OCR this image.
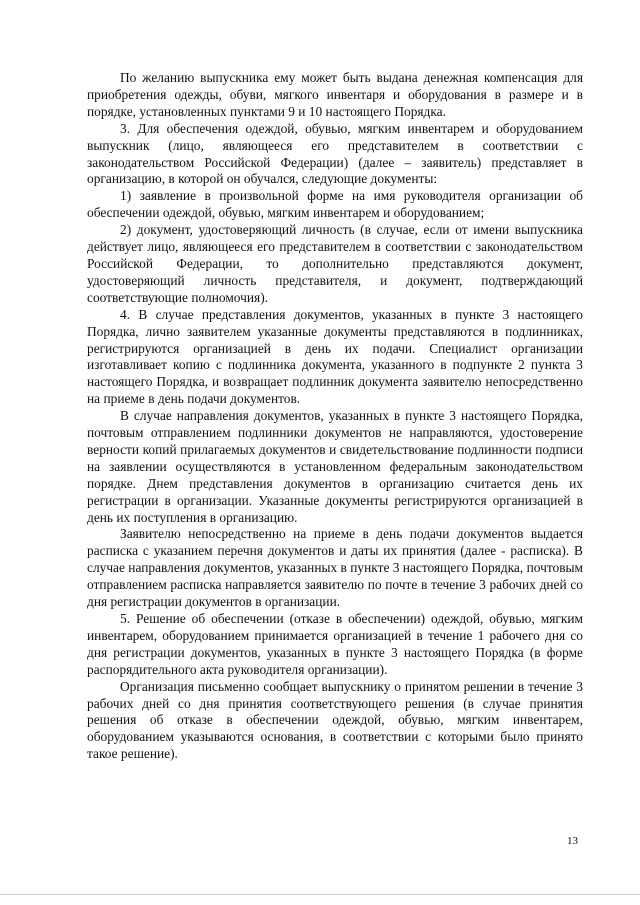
По желанию выпускника ему может быть выдана денежная компенсация для приобретения одежды, обуви, мягкого инвентаря и оборудования в размере и в порядке, установленных пунктами 9 и 10 настоящего Порядка.

3. Для обеспечения одеждой, обувью, мягким инвентарем и оборудованием выпускник (лицо, являющееся его представителем в соответствии с законодательством Российской Федерации) (далее – заявитель) представляет в организацию, в которой он обучался, следующие документы:

1) заявление в произвольной форме на имя руководителя организации об обеспечении одеждой, обувью, мягким инвентарем и оборудованием;

2) документ, удостоверяющий личность (в случае, если от имени выпускника действует лицо, являющееся его представителем в соответствии с законодательством Российской Федерации, то дополнительно представляются документ, удостоверяющий личность представителя, и документ, подтверждающий соответствующие полномочия).

4. В случае представления документов, указанных в пункте 3 настоящего Порядка, лично заявителем указанные документы представляются в подлинниках, регистрируются организацией в день их подачи. Специалист организации изготавливает копию с подлинника документа, указанного в подпункте 2 пункта 3 настоящего Порядка, и возвращает подлинник документа заявителю непосредственно на приеме в день подачи документов.

В случае направления документов, указанных в пункте 3 настоящего Порядка, почтовым отправлением подлинники документов не направляются, удостоверение верности копий прилагаемых документов и свидетельствование подлинности подписи на заявлении осуществляются в установленном федеральным законодательством порядке. Днем представления документов в организацию считается день их регистрации в организации. Указанные документы регистрируются организацией в день их поступления в организацию.

Заявителю непосредственно на приеме в день подачи документов выдается расписка с указанием перечня документов и даты их принятия (далее - расписка). В случае направления документов, указанных в пункте 3 настоящего Порядка, почтовым отправлением расписка направляется заявителю по почте в течение 3 рабочих дней со дня регистрации документов в организации.

5. Решение об обеспечении (отказе в обеспечении) одеждой, обувью, мягким инвентарем, оборудованием принимается организацией в течение 1 рабочего дня со дня регистрации документов, указанных в пункте 3 настоящего Порядка (в форме распорядительного акта руководителя организации).

Организация письменно сообщает выпускнику о принятом решении в течение 3 рабочих дней со дня принятия соответствующего решения (в случае принятия решения об отказе в обеспечении одеждой, обувью, мягким инвентарем, оборудованием указываются основания, в соответствии с которыми было принято такое решение).

13
